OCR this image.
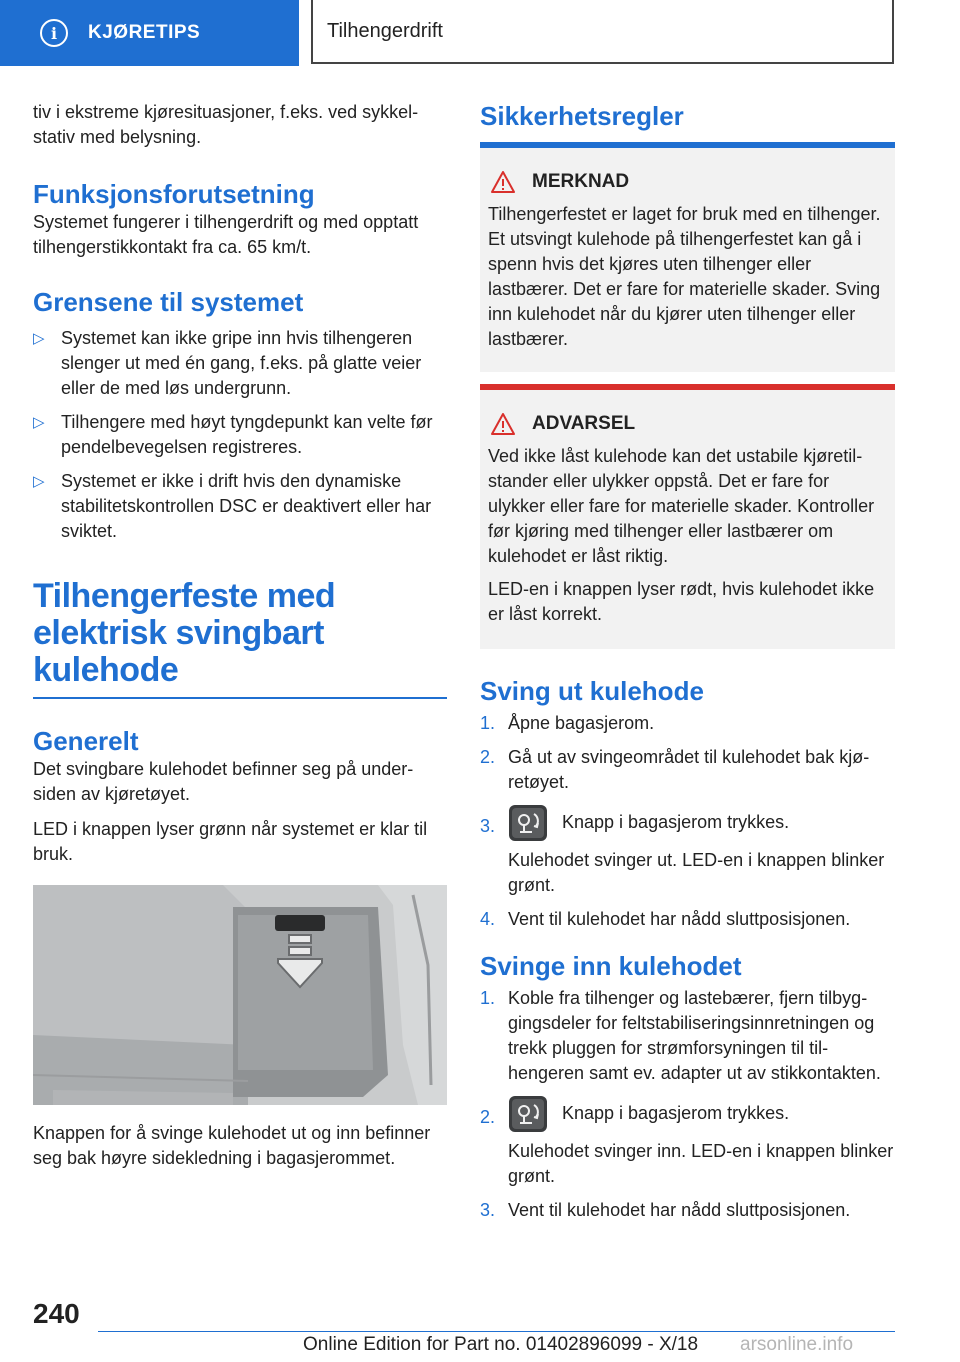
i	KJØRETIPS	Tilhengerdrift

tiv i ekstreme kjøresituasjoner, f.eks. ved sykkelstativ med belysning.

Funksjonsforutsetning

Systemet fungerer i tilhengerdrift og med opptatt tilhengerstikkontakt fra ca. 65 km/t.

Grensene til systemet
▷ Systemet kan ikke gripe inn hvis tilhengeren slenger ut med én gang, f.eks. på glatte veier eller de med løs undergrunn.
▷ Tilhengere med høyt tyngdepunkt kan velte før pendelbevegelsen registreres.
▷ Systemet er ikke i drift hvis den dynamiske stabilitetskontrollen DSC er deaktivert eller har sviktet.
Tilhengerfeste med elektrisk svingbart kulehode
Generelt

Det svingbare kulehodet befinner seg på undersiden av kjøretøyet.

LED i knappen lyser grønn når systemet er klar til bruk.

Knappen for å svinge kulehodet ut og inn befinner seg bak høyre sidekledning i bagasjerommet.

Sikkerhetsregler
MERKNAD

Tilhengerfestet er laget for bruk med en tilhenger. Et utsvingt kulehode på tilhengerfestet kan gå i spenn hvis det kjøres uten tilhenger eller lastbærer. Det er fare for materielle skader. Sving inn kulehodet når du kjører uten tilhenger eller lastbærer.

ADVARSEL

Ved ikke låst kulehode kan det ustabile kjøretilstander eller ulykker oppstå. Det er fare for ulykker eller fare for materielle skader. Kontroller før kjøring med tilhenger eller lastbærer om kulehodet er låst riktig.

LED-en i knappen lyser rødt, hvis kulehodet ikke er låst korrekt.

Sving ut kulehode
1. Åpne bagasjerom.
2. Gå ut av svingeområdet til kulehodet bak kjøretøyet.
3.	Knapp i bagasjerom trykkes.
Kulehodet svinger ut. LED-en i knappen blinker grønt.
4. Vent til kulehodet har nådd sluttposisjonen.
Svinge inn kulehodet
1. Koble fra tilhenger og lastebærer, fjern tilbyggingsdeler for feltstabiliseringsinnretningen og trekk pluggen for strømforsyningen til tilhengeren samt ev. adapter ut av stikkontakten.
2.	Knapp i bagasjerom trykkes.
Kulehodet svinger inn. LED-en i knappen blinker grønt.
3. Vent til kulehodet har nådd sluttposisjonen.
240
Online Edition for Part no. 01402896099 - X/18 arsonline.info
